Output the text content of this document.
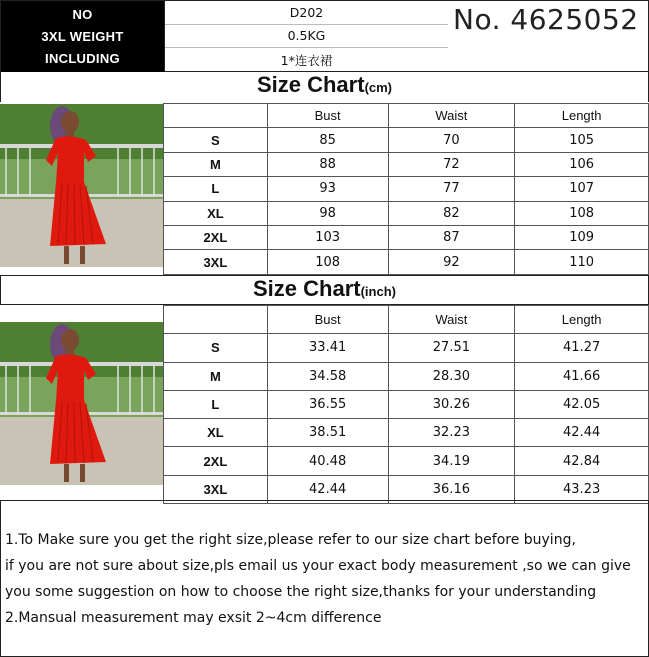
NO
3XL WEIGHT
INCLUDING
D202
0.5KG
1*连衣裙
No. 4625052
Size Chart(cm)
	Bust	Waist	Length
S	85	70	105
M	88	72	106
L	93	77	107
XL	98	82	108
2XL	103	87	109
3XL	108	92	110
Size Chart(inch)
	Bust	Waist	Length
S	33.41	27.51	41.27
M	34.58	28.30	41.66
L	36.55	30.26	42.05
XL	38.51	32.23	42.44
2XL	40.48	34.19	42.84
3XL	42.44	36.16	43.23

1.To Make sure you get the right size,please refer to our size chart before buying,

if you are not sure about size,pls email us your exact body measurement ,so we can give

you some suggestion on how to choose the right size,thanks for your understanding

2.Mansual measurement may exsit 2~4cm difference
